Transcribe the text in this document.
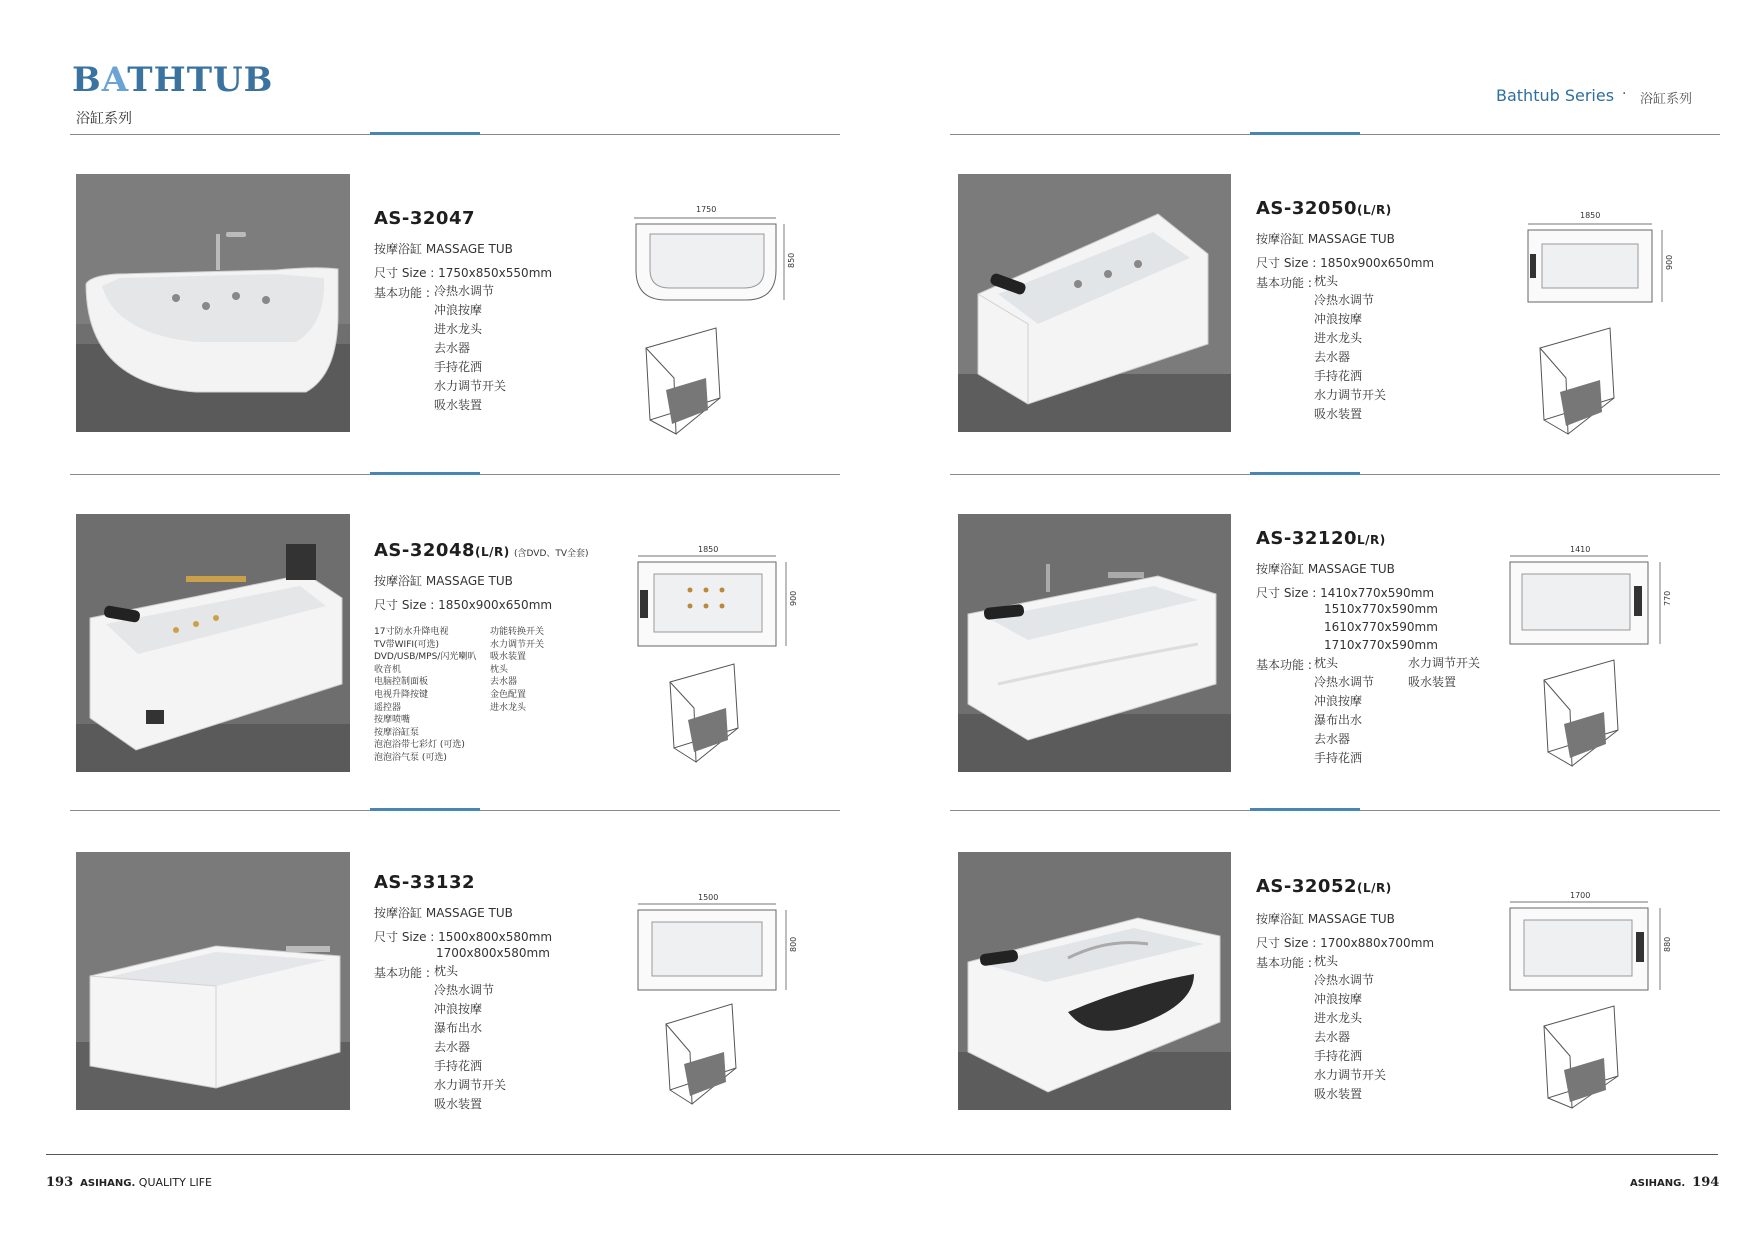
BATHTUB
浴缸系列
Bathtub Series · 浴缸系列
AS-32047
按摩浴缸 MASSAGE TUB
尺寸 Size : 1750x850x550mm
基本功能 : 冷热水调节
冲浪按摩
进水龙头
去水器
手持花洒
水力调节开关
吸水装置
1750
850
AS-32050(L/R)
按摩浴缸 MASSAGE TUB
尺寸 Size : 1850x900x650mm
基本功能 : 枕头
冷热水调节
冲浪按摩
进水龙头
去水器
手持花洒
水力调节开关
吸水装置
1850
900
AS-32048(L/R) (含DVD、TV全套)
按摩浴缸 MASSAGE TUB
尺寸 Size : 1850x900x650mm
17寸防水升降电视
TV带WIFI(可选)
DVD/USB/MPS/闪光喇叭
收音机
电脑控制面板
电视升降按键
遥控器
按摩喷嘴
按摩浴缸泵
泡泡浴带七彩灯 (可选)
泡泡浴气泵 (可选)
功能转换开关
水力调节开关
吸水装置
枕头
去水器
金色配置
进水龙头
1850
900
AS-32120L/R)
按摩浴缸 MASSAGE TUB
尺寸 Size : 1410x770x590mm
1510x770x590mm
1610x770x590mm
1710x770x590mm
基本功能 : 枕头
冷热水调节
冲浪按摩
瀑布出水
去水器
手持花洒
水力调节开关
吸水装置
1410
770
AS-33132
按摩浴缸 MASSAGE TUB
尺寸 Size : 1500x800x580mm
1700x800x580mm
基本功能 : 枕头
冷热水调节
冲浪按摩
瀑布出水
去水器
手持花洒
水力调节开关
吸水装置
1500
800
AS-32052(L/R)
按摩浴缸 MASSAGE TUB
尺寸 Size : 1700x880x700mm
基本功能 : 枕头
冷热水调节
冲浪按摩
进水龙头
去水器
手持花洒
水力调节开关
吸水装置
1700
880
193 ASIHANG. QUALITY LIFE	ASIHANG. 194
